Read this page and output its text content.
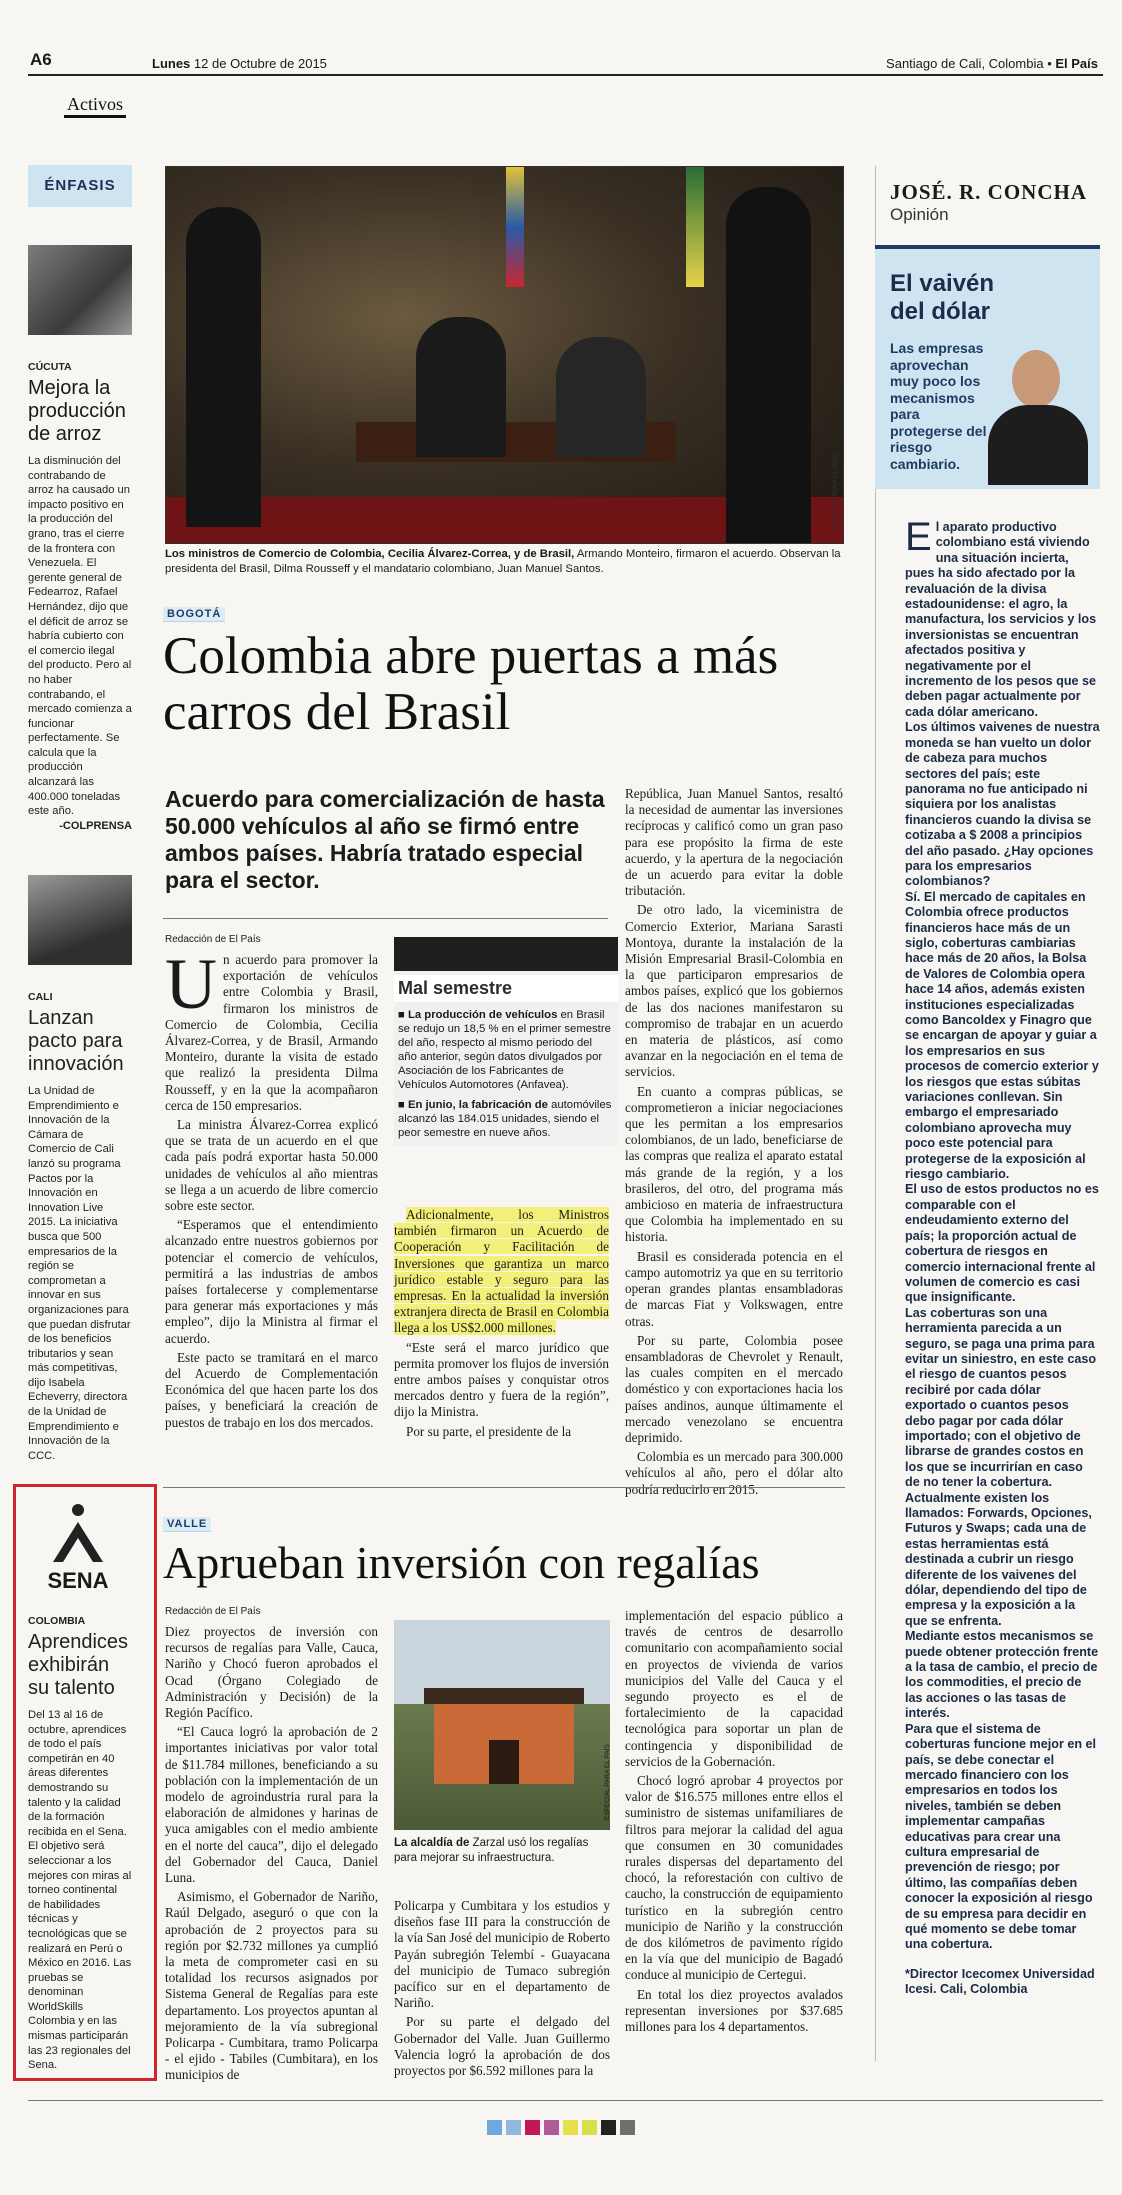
A6	Lunes 12 de Octubre de 2015	Santiago de Cali, Colombia • El País
Activos
ÉNFASIS
CÚCUTA
Mejora la producción de arroz
La disminución del contrabando de arroz ha causado un impacto positivo en la producción del grano, tras el cierre de la frontera con Venezuela. El gerente general de Fedearroz, Rafael Hernández, dijo que el déficit de arroz se habría cubierto con el comercio ilegal del producto. Pero al no haber contrabando, el mercado comienza a funcionar perfectamente. Se calcula que la producción alcanzará las 400.000 toneladas este año.
-COLPRENSA
CALI
Lanzan pacto para innovación
La Unidad de Emprendimiento e Innovación de la Cámara de Comercio de Cali lanzó su programa Pactos por la Innovación en Innovation Live 2015. La iniciativa busca que 500 empresarios de la región se comprometan a innovar en sus organizaciones para que puedan disfrutar de los beneficios tributarios y sean más competitivas, dijo Isabela Echeverry, directora de la Unidad de Emprendimiento e Innovación de la CCC.
SENA
COLOMBIA
Aprendices exhibirán su talento
Del 13 al 16 de octubre, aprendices de todo el país competirán en 40 áreas diferentes demostrando su talento y la calidad de la formación recibida en el Sena. El objetivo será seleccionar a los mejores con miras al torneo continental de habilidades técnicas y tecnológicas que se realizará en Perú o México en 2016. Las pruebas se denominan WorldSkills Colombia y en las mismas participarán las 23 regionales del Sena.
ESPECIAL PARA EL PAÍS
Los ministros de Comercio de Colombia, Cecilia Álvarez-Correa, y de Brasil, Armando Monteiro, firmaron el acuerdo. Observan la presidenta del Brasil, Dilma Rousseff y el mandatario colombiano, Juan Manuel Santos.
BOGOTÁ
Colombia abre puertas a más carros del Brasil
Acuerdo para comercialización de hasta 50.000 vehículos al año se firmó entre ambos países. Habría tratado especial para el sector.
Redacción de El País
U n acuerdo para promover la exportación de vehículos entre Colombia y Brasil, firmaron los ministros de Comercio de Colombia, Cecilia Álvarez-Correa, y de Brasil, Armando Monteiro, durante la visita de estado que realizó la presidenta Dilma Rousseff, y en la que la acompañaron cerca de 150 empresarios.

La ministra Álvarez-Correa explicó que se trata de un acuerdo en el que cada país podrá exportar hasta 50.000 unidades de vehículos al año mientras se llega a un acuerdo de libre comercio sobre este sector.

“Esperamos que el entendimiento alcanzado entre nuestros gobiernos por potenciar el comercio de vehículos, permitirá a las industrias de ambos países fortalecerse y complementarse para generar más exportaciones y más empleo”, dijo la Ministra al firmar el acuerdo.

Este pacto se tramitará en el marco del Acuerdo de Complementación Económica del que hacen parte los dos países, y beneficiará la creación de puestos de trabajo en los dos mercados.

Mal semestre
■ La producción de vehículos en Brasil se redujo un 18,5 % en el primer semestre del año, respecto al mismo periodo del año anterior, según datos divulgados por Asociación de los Fabricantes de Vehículos Automotores (Anfavea).
■ En junio, la fabricación de automóviles alcanzó las 184.015 unidades, siendo el peor semestre en nueve años.

Adicionalmente, los Ministros también firmaron un Acuerdo de Cooperación y Facilitación de Inversiones que garantiza un marco jurídico estable y seguro para las empresas. En la actualidad la inversión extranjera directa de Brasil en Colombia llega a los US$2.000 millones.

“Este será el marco jurídico que permita promover los flujos de inversión entre ambos países y conquistar otros mercados dentro y fuera de la región”, dijo la Ministra.

Por su parte, el presidente de la

República, Juan Manuel Santos, resaltó la necesidad de aumentar las inversiones recíprocas y calificó como un gran paso para ese propósito la firma de este acuerdo, y la apertura de la negociación de un acuerdo para evitar la doble tributación.

De otro lado, la viceministra de Comercio Exterior, Mariana Sarasti Montoya, durante la instalación de la Misión Empresarial Brasil-Colombia en la que participaron empresarios de ambos países, explicó que los gobiernos de las dos naciones manifestaron su compromiso de trabajar en un acuerdo en materia de plásticos, así como avanzar en la negociación en el tema de servicios.

En cuanto a compras públicas, se comprometieron a iniciar negociaciones que les permitan a los empresarios colombianos, de un lado, beneficiarse de las compras que realiza el aparato estatal más grande de la región, y a los brasileros, del otro, del programa más ambicioso en materia de infraestructura que Colombia ha implementado en su historia.

Brasil es considerada potencia en el campo automotriz ya que en su territorio operan grandes plantas ensambladoras de marcas Fiat y Volkswagen, entre otras.

Por su parte, Colombia posee ensambladoras de Chevrolet y Renault, las cuales compiten en el mercado doméstico y con exportaciones hacia los países andinos, aunque últimamente el mercado venezolano se encuentra deprimido.

Colombia es un mercado para 300.000 vehículos al año, pero el dólar alto podría reducirlo en 2015.

VALLE
Aprueban inversión con regalías
Redacción de El País

Diez proyectos de inversión con recursos de regalías para Valle, Cauca, Nariño y Chocó fueron aprobados el Ocad (Órgano Colegiado de Administración y Decisión) de la Región Pacífico.

“El Cauca logró la aprobación de 2 importantes iniciativas por valor total de $11.784 millones, beneficiando a su población con la implementación de un modelo de agroindustria rural para la elaboración de almidones y harinas de yuca amigables con el medio ambiente en el norte del cauca”, dijo el delegado del Gobernador del Cauca, Daniel Luna.

Asimismo, el Gobernador de Nariño, Raúl Delgado, aseguró o que con la aprobación de 2 proyectos para su región por $2.732 millones ya cumplió la meta de comprometer casi en su totalidad los recursos asignados por Sistema General de Regalías para este departamento. Los proyectos apuntan al mejoramiento de la vía subregional Policarpa - Cumbitara, tramo Policarpa - el ejido - Tabiles (Cumbitara), en los municipios de

ESPECIAL PARA EL PAÍS
La alcaldía de Zarzal usó los regalías para mejorar su infraestructura.

Policarpa y Cumbitara y los estudios y diseños fase III para la construcción de la vía San José del municipio de Roberto Payán subregión Telembí - Guayacana del municipio de Tumaco subregión pacífico sur en el departamento de Nariño.

Por su parte el delgado del Gobernador del Valle. Juan Guillermo Valencia logró la aprobación de dos proyectos por $6.592 millones para la

implementación del espacio público a través de centros de desarrollo comunitario con acompañamiento social en proyectos de vivienda de varios municipios del Valle del Cauca y el segundo proyecto es el de fortalecimiento de la capacidad tecnológica para soportar un plan de contingencia y disponibilidad de servicios de la Gobernación.

Chocó logró aprobar 4 proyectos por valor de $16.575 millones entre ellos el suministro de sistemas unifamiliares de filtros para mejorar la calidad del agua que consumen en 30 comunidades rurales dispersas del departamento del chocó, la reforestación con cultivo de caucho, la construcción de equipamiento turístico en la subregión centro municipio de Nariño y la construcción de dos kilómetros de pavimento rígido en la vía que del municipio de Bagadó conduce al municipio de Certegui.

En total los diez proyectos avalados representan inversiones por $37.685 millones para los 4 departamentos.

JOSÉ. R. CONCHA
Opinión
El vaivén del dólar
Las empresas aprovechan muy poco los mecanismos para protegerse del riesgo cambiario.
E l aparato productivo colombiano está viviendo una situación incierta, pues ha sido afectado por la revaluación de la divisa estadounidense: el agro, la manufactura, los servicios y los inversionistas se encuentran afectados positiva y negativamente por el incremento de los pesos que se deben pagar actualmente por cada dólar americano.
Los últimos vaivenes de nuestra moneda se han vuelto un dolor de cabeza para muchos sectores del país; este panorama no fue anticipado ni siquiera por los analistas financieros cuando la divisa se cotizaba a $ 2008 a principios del año pasado. ¿Hay opciones para los empresarios colombianos?
Sí. El mercado de capitales en Colombia ofrece productos financieros hace más de un siglo, coberturas cambiarias hace más de 20 años, la Bolsa de Valores de Colombia opera hace 14 años, además existen instituciones especializadas como Bancoldex y Finagro que se encargan de apoyar y guiar a los empresarios en sus procesos de comercio exterior y los riesgos que estas súbitas variaciones conllevan. Sin embargo el empresariado colombiano aprovecha muy poco este potencial para protegerse de la exposición al riesgo cambiario.
El uso de estos productos no es comparable con el endeudamiento externo del país; la proporción actual de cobertura de riesgos en comercio internacional frente al volumen de comercio es casi que insignificante.
Las coberturas son una herramienta parecida a un seguro, se paga una prima para evitar un siniestro, en este caso el riesgo de cuantos pesos recibiré por cada dólar exportado o cuantos pesos debo pagar por cada dólar importado; con el objetivo de librarse de grandes costos en los que se incurrirían en caso de no tener la cobertura.
Actualmente existen los llamados: Forwards, Opciones, Futuros y Swaps; cada una de estas herramientas está destinada a cubrir un riesgo diferente de los vaivenes del dólar, dependiendo del tipo de empresa y la exposición a la que se enfrenta.
Mediante estos mecanismos se puede obtener protección frente a la tasa de cambio, el precio de los commodities, el precio de las acciones o las tasas de interés.
Para que el sistema de coberturas funcione mejor en el país, se debe conectar el mercado financiero con los empresarios en todos los niveles, también se deben implementar campañas educativas para crear una cultura empresarial de prevención de riesgo; por último, las compañías deben conocer la exposición al riesgo de su empresa para decidir en qué momento se debe tomar una cobertura.
*Director Icecomex Universidad Icesi. Cali, Colombia
